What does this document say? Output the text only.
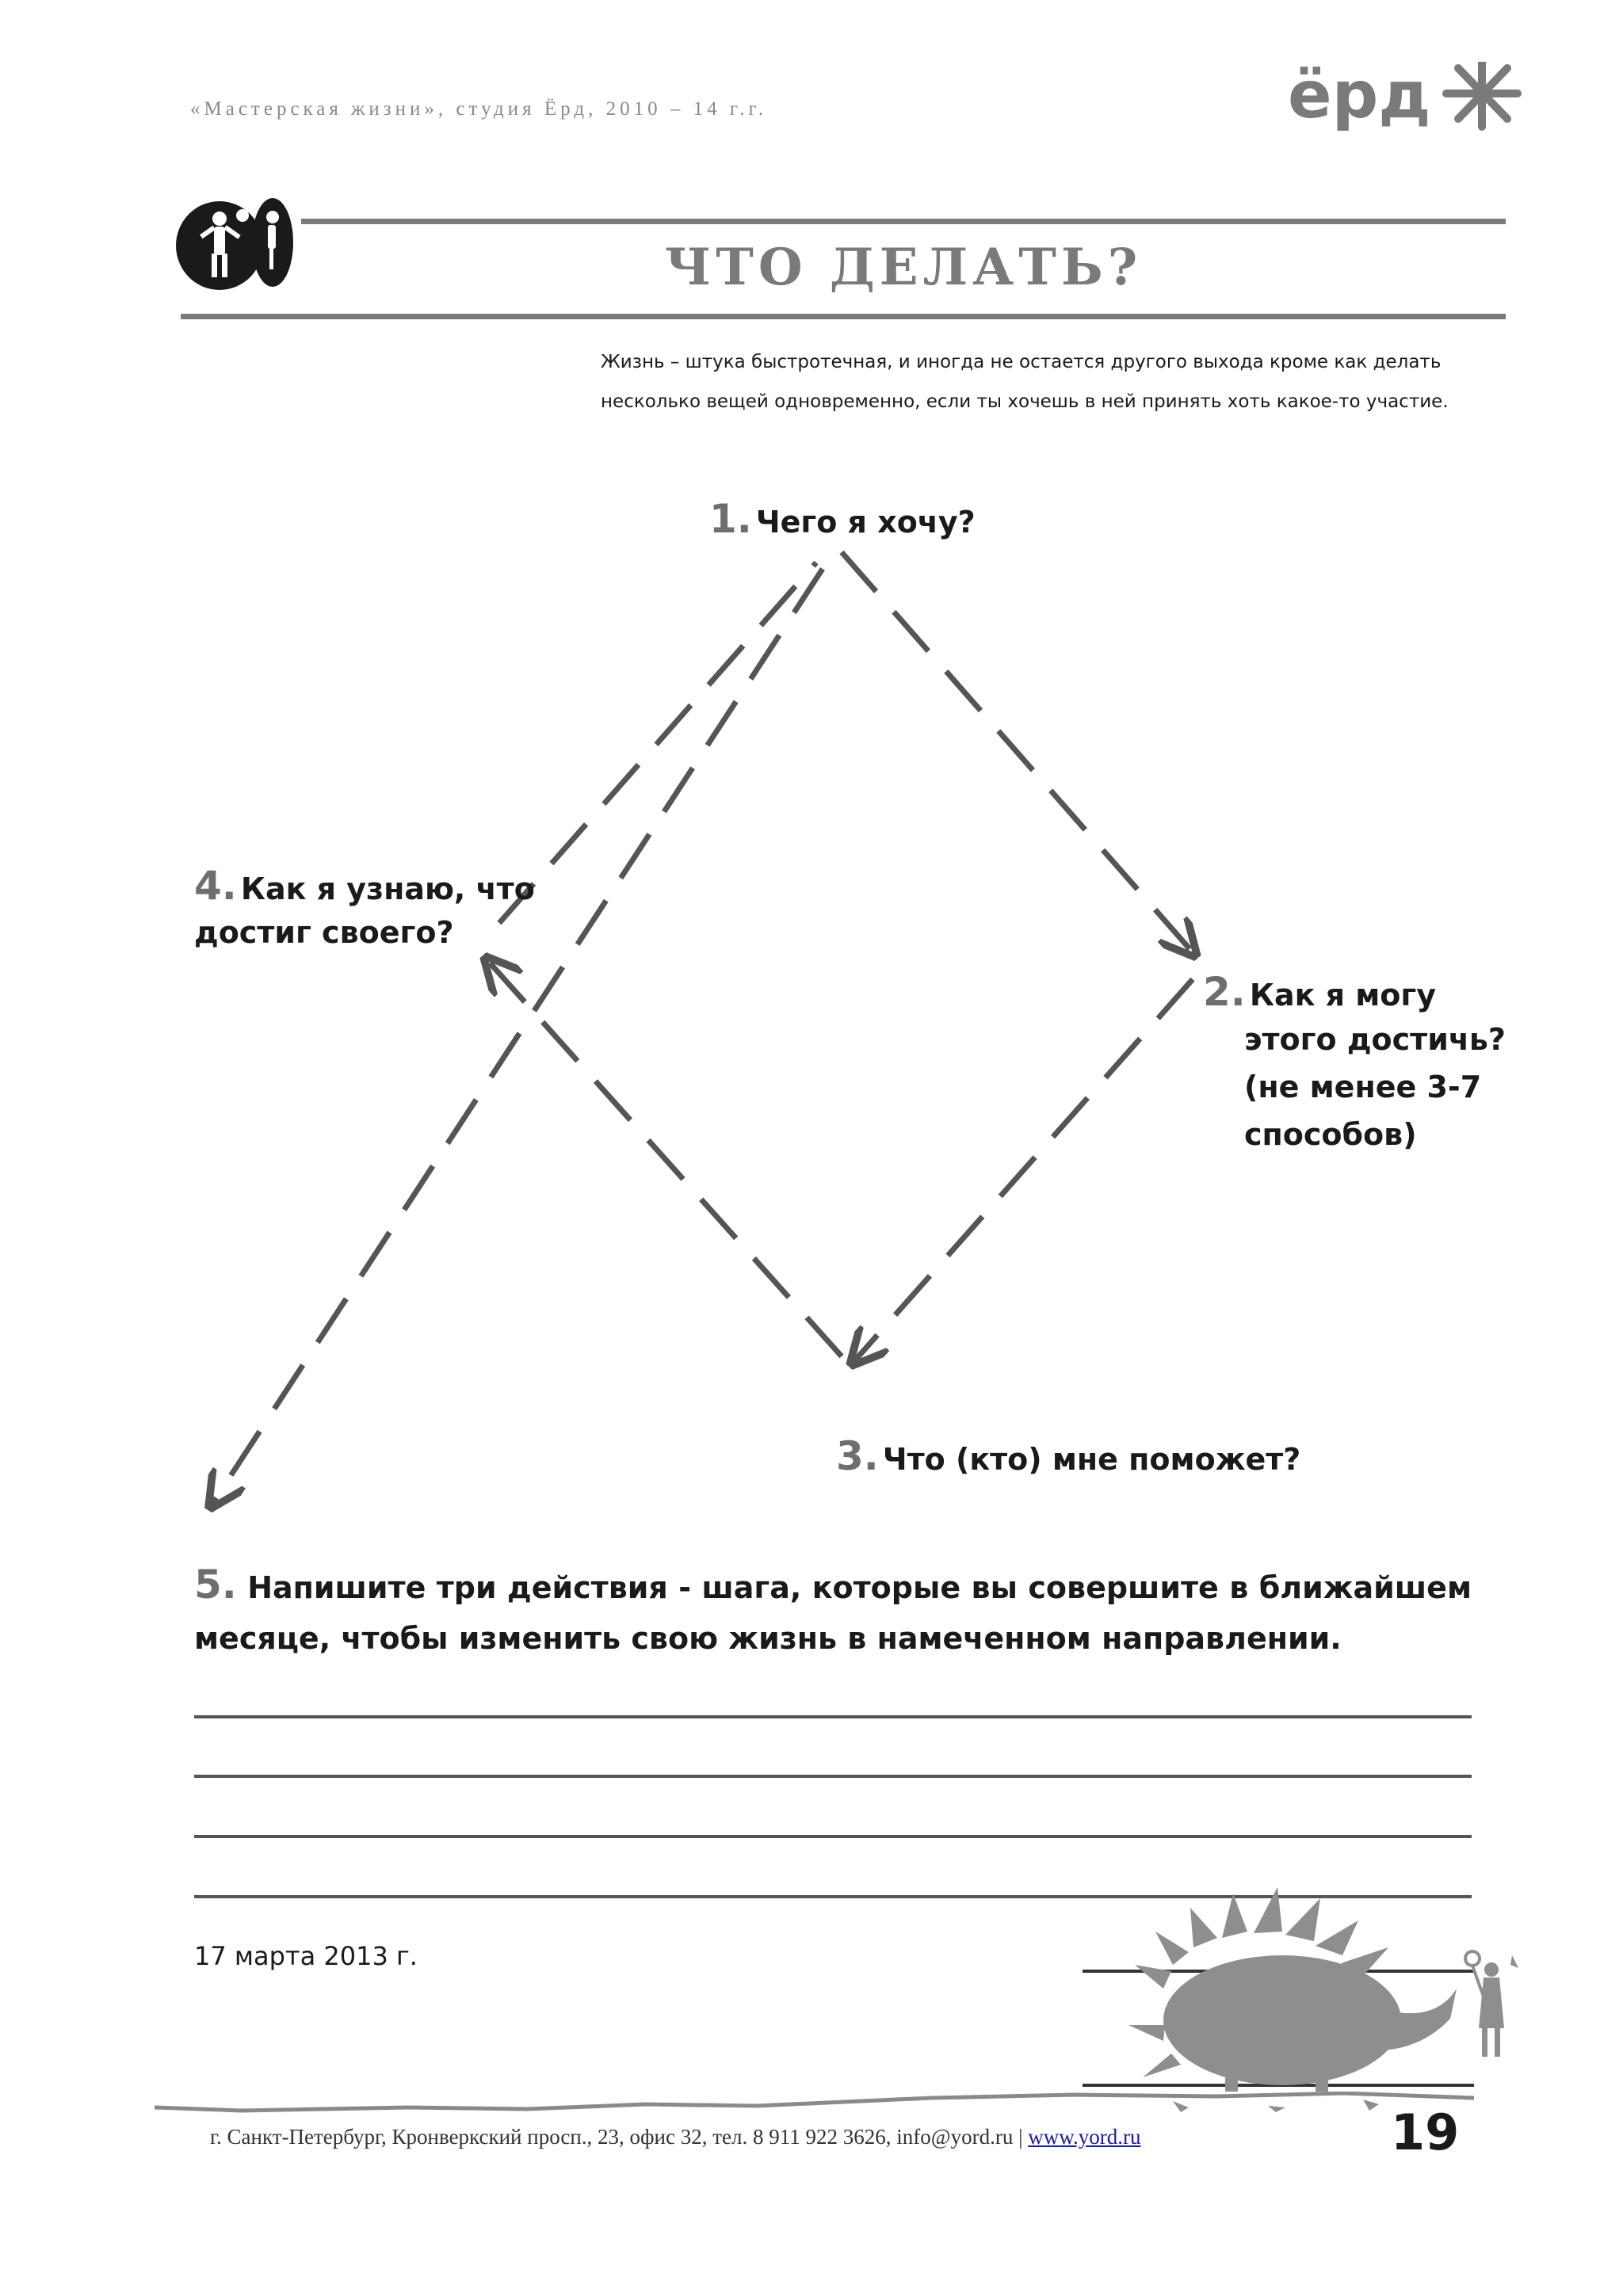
«Мастерская жизни», студия Ёрд, 2010 – 14 г.г.	ёрд
ЧТО ДЕЛАТЬ?
Жизнь – штука быстротечная, и иногда не остается другого выхода кроме как делать
несколько вещей одновременно, если ты хочешь в ней принять хоть какое-то участие.
1. Чего я хочу?
2. Как я могу
этого достичь?
(не менее 3-7
способов)
3. Что (кто) мне поможет?
4. Как я узнаю, что
достиг своего?
5. Напишите три действия - шага, которые вы совершите в ближайшем месяце, чтобы изменить свою жизнь в намеченном направлении.
17 марта 2013 г.
г. Санкт-Петербург, Кронверкский просп., 23, офис 32, тел. 8 911 922 3626, info@yord.ru | www.yord.ru	19
